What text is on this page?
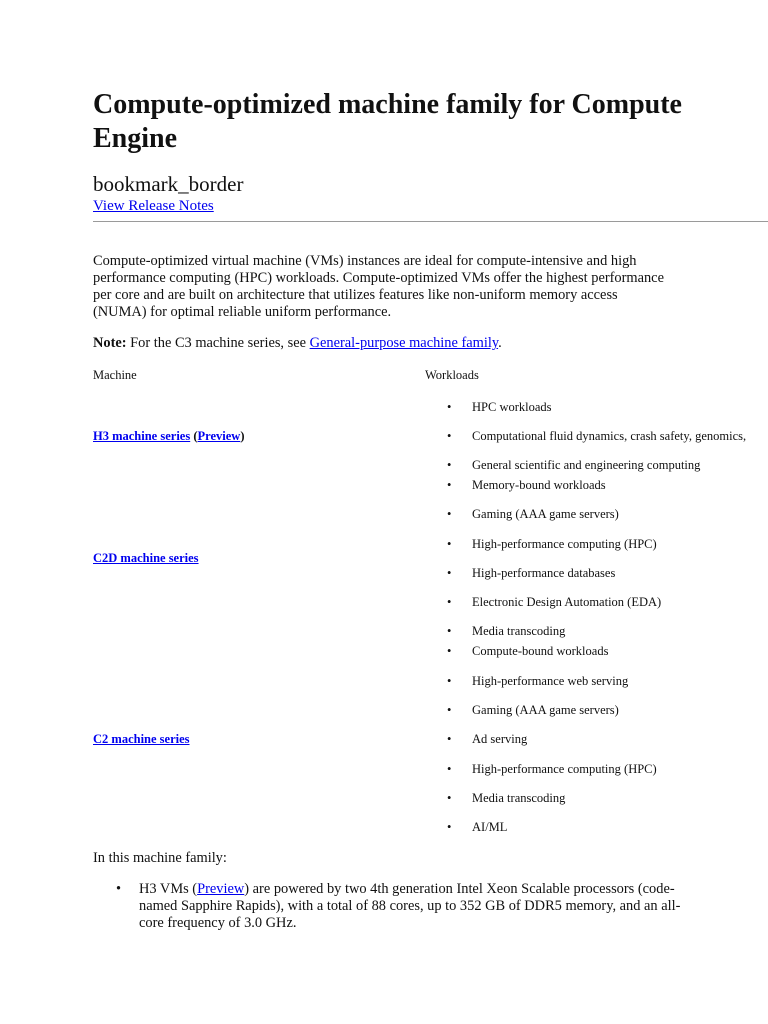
Compute-optimized machine family for Compute Engine
bookmark_border
View Release Notes

Compute-optimized virtual machine (VMs) instances are ideal for compute-intensive and high performance computing (HPC) workloads. Compute-optimized VMs offer the highest performance per core and are built on architecture that utilizes features like non-uniform memory access (NUMA) for optimal reliable uniform performance.

Note: For the C3 machine series, see General-purpose machine family.

Machine	Workloads
H3 machine series (Preview)
HPC workloads
Computational fluid dynamics, crash safety, genomics,
General scientific and engineering computing
C2D machine series
Memory-bound workloads
Gaming (AAA game servers)
High-performance computing (HPC)
High-performance databases
Electronic Design Automation (EDA)
Media transcoding
C2 machine series
Compute-bound workloads
High-performance web serving
Gaming (AAA game servers)
Ad serving
High-performance computing (HPC)
Media transcoding
AI/ML

In this machine family:

• H3 VMs (Preview) are powered by two 4th generation Intel Xeon Scalable processors (code-named Sapphire Rapids), with a total of 88 cores, up to 352 GB of DDR5 memory, and an all-core frequency of 3.0 GHz.
